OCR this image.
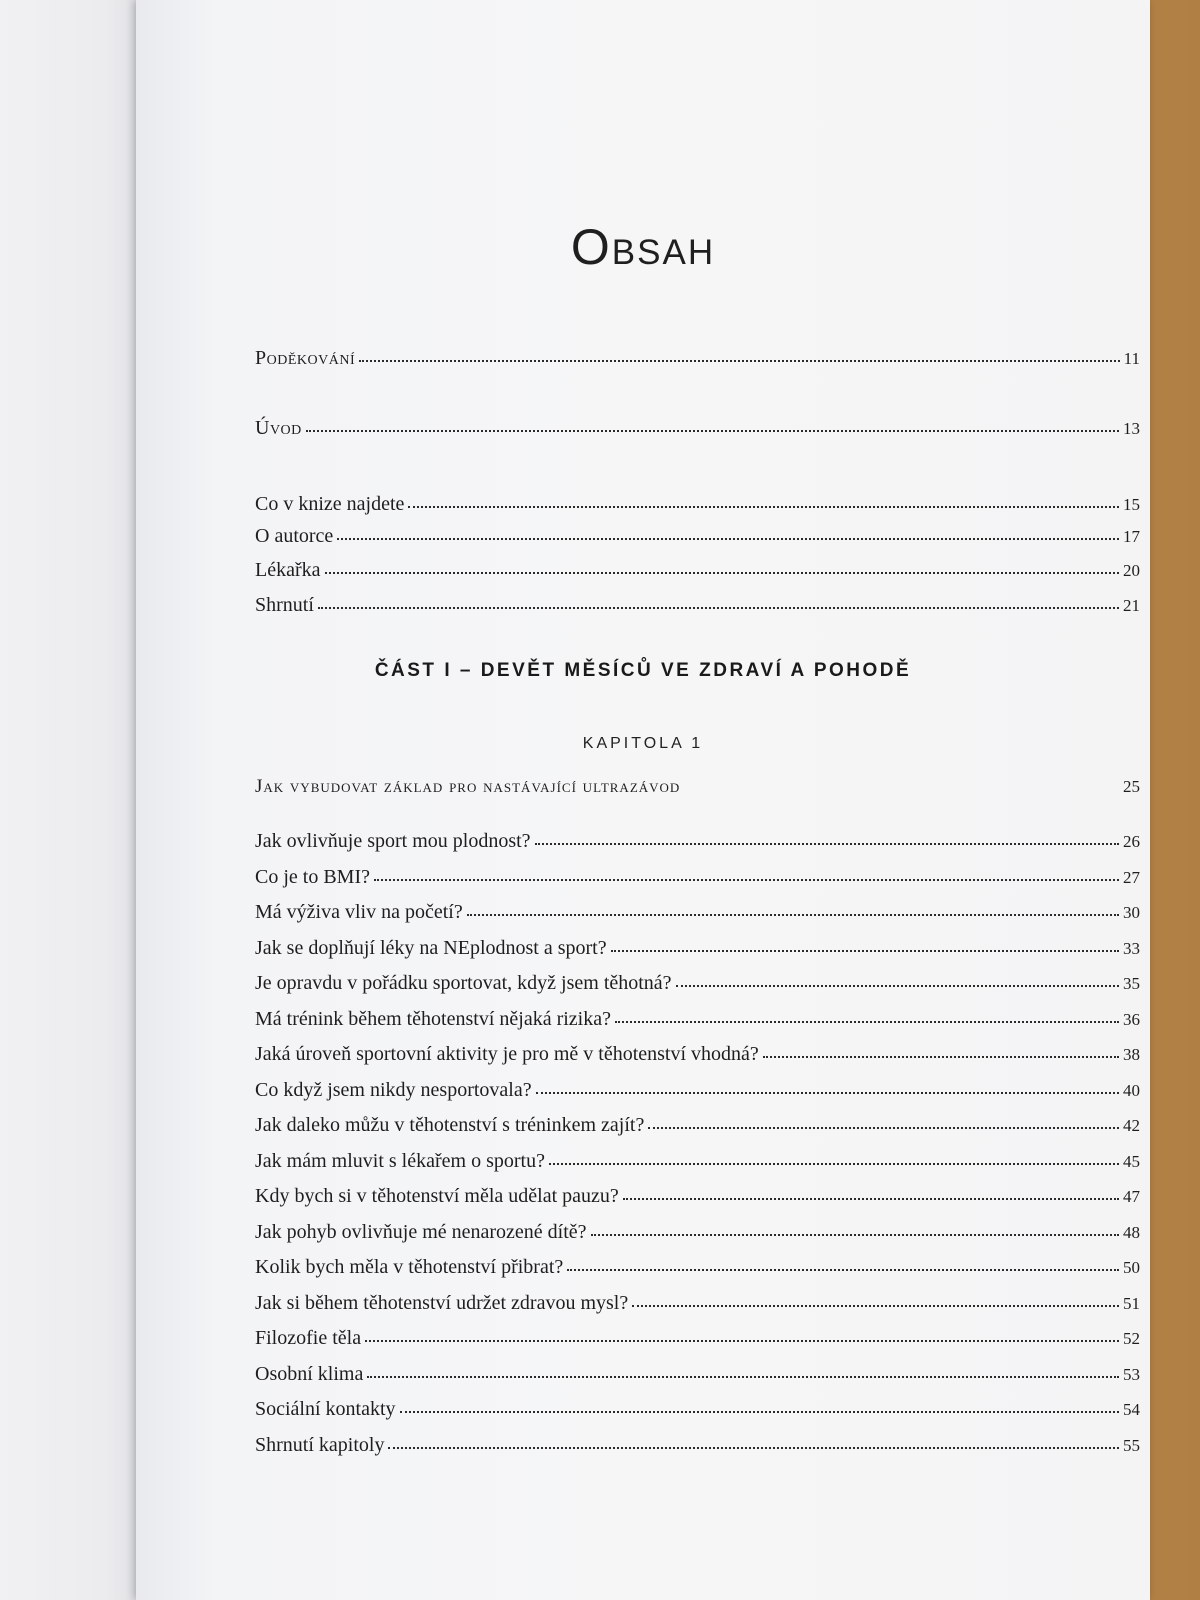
Obsah
Poděkování	11
Úvod	13
Co v knize najdete	15
O autorce	17
Lékařka	20
Shrnutí	21
ČÁST I – DEVĚT MĚSÍCŮ VE ZDRAVÍ A POHODĚ
KAPITOLA 1
Jak vybudovat základ pro nastávající ultrazávod	25
Jak ovlivňuje sport mou plodnost?	26
Co je to BMI?	27
Má výživa vliv na početí?	30
Jak se doplňují léky na NEplodnost a sport?	33
Je opravdu v pořádku sportovat, když jsem těhotná?	35
Má trénink během těhotenství nějaká rizika?	36
Jaká úroveň sportovní aktivity je pro mě v těhotenství vhodná?	38
Co když jsem nikdy nesportovala?	40
Jak daleko můžu v těhotenství s tréninkem zajít?	42
Jak mám mluvit s lékařem o sportu?	45
Kdy bych si v těhotenství měla udělat pauzu?	47
Jak pohyb ovlivňuje mé nenarozené dítě?	48
Kolik bych měla v těhotenství přibrat?	50
Jak si během těhotenství udržet zdravou mysl?	51
Filozofie těla	52
Osobní klima	53
Sociální kontakty	54
Shrnutí kapitoly	55
